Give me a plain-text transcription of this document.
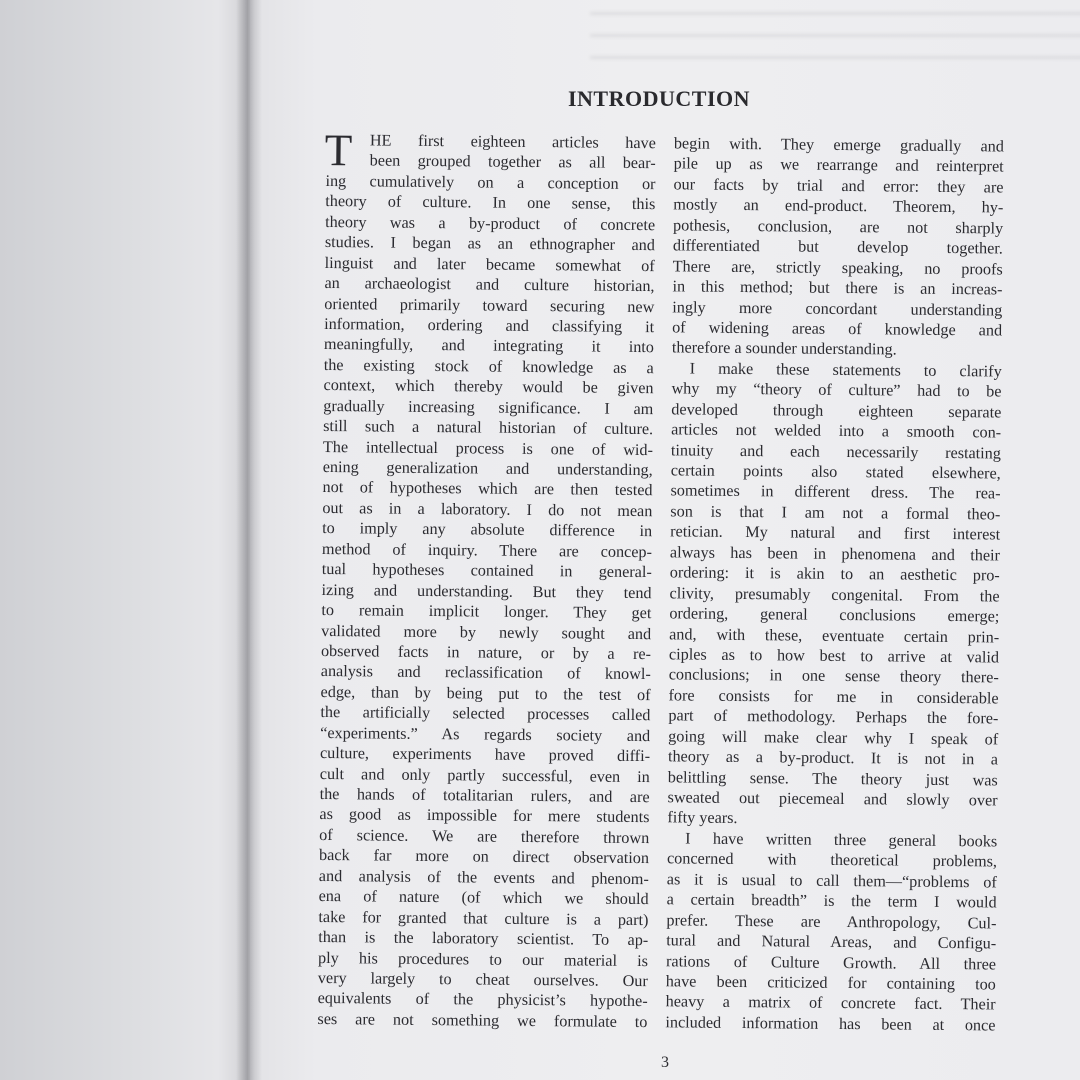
INTRODUCTION
T	HE first eighteen articles have
been grouped together as all bear-
ing cumulatively on a conception or
theory of culture. In one sense, this
theory was a by-product of concrete
studies. I began as an ethnographer and
linguist and later became somewhat of
an archaeologist and culture historian,
oriented primarily toward securing new
information, ordering and classifying it
meaningfully, and integrating it into
the existing stock of knowledge as a
context, which thereby would be given
gradually increasing significance. I am
still such a natural historian of culture.
The intellectual process is one of wid-
ening generalization and understanding,
not of hypotheses which are then tested
out as in a laboratory. I do not mean
to imply any absolute difference in
method of inquiry. There are concep-
tual hypotheses contained in general-
izing and understanding. But they tend
to remain implicit longer. They get
validated more by newly sought and
observed facts in nature, or by a re-
analysis and reclassification of knowl-
edge, than by being put to the test of
the artificially selected processes called
“experiments.” As regards society and
culture, experiments have proved diffi-
cult and only partly successful, even in
the hands of totalitarian rulers, and are
as good as impossible for mere students
of science. We are therefore thrown
back far more on direct observation
and analysis of the events and phenom-
ena of nature (of which we should
take for granted that culture is a part)
than is the laboratory scientist. To ap-
ply his procedures to our material is
very largely to cheat ourselves. Our
equivalents of the physicist’s hypothe-
ses are not something we formulate to
begin with. They emerge gradually and
pile up as we rearrange and reinterpret
our facts by trial and error: they are
mostly an end-product. Theorem, hy-
pothesis, conclusion, are not sharply
differentiated but develop together.
There are, strictly speaking, no proofs
in this method; but there is an increas-
ingly more concordant understanding
of widening areas of knowledge and
therefore a sounder understanding.
I make these statements to clarify
why my “theory of culture” had to be
developed through eighteen separate
articles not welded into a smooth con-
tinuity and each necessarily restating
certain points also stated elsewhere,
sometimes in different dress. The rea-
son is that I am not a formal theo-
retician. My natural and first interest
always has been in phenomena and their
ordering: it is akin to an aesthetic pro-
clivity, presumably congenital. From the
ordering, general conclusions emerge;
and, with these, eventuate certain prin-
ciples as to how best to arrive at valid
conclusions; in one sense theory there-
fore consists for me in considerable
part of methodology. Perhaps the fore-
going will make clear why I speak of
theory as a by-product. It is not in a
belittling sense. The theory just was
sweated out piecemeal and slowly over
fifty years.
I have written three general books
concerned with theoretical problems,
as it is usual to call them—“problems of
a certain breadth” is the term I would
prefer. These are Anthropology, Cul-
tural and Natural Areas, and Configu-
rations of Culture Growth. All three
have been criticized for containing too
heavy a matrix of concrete fact. Their
included information has been at once
3
